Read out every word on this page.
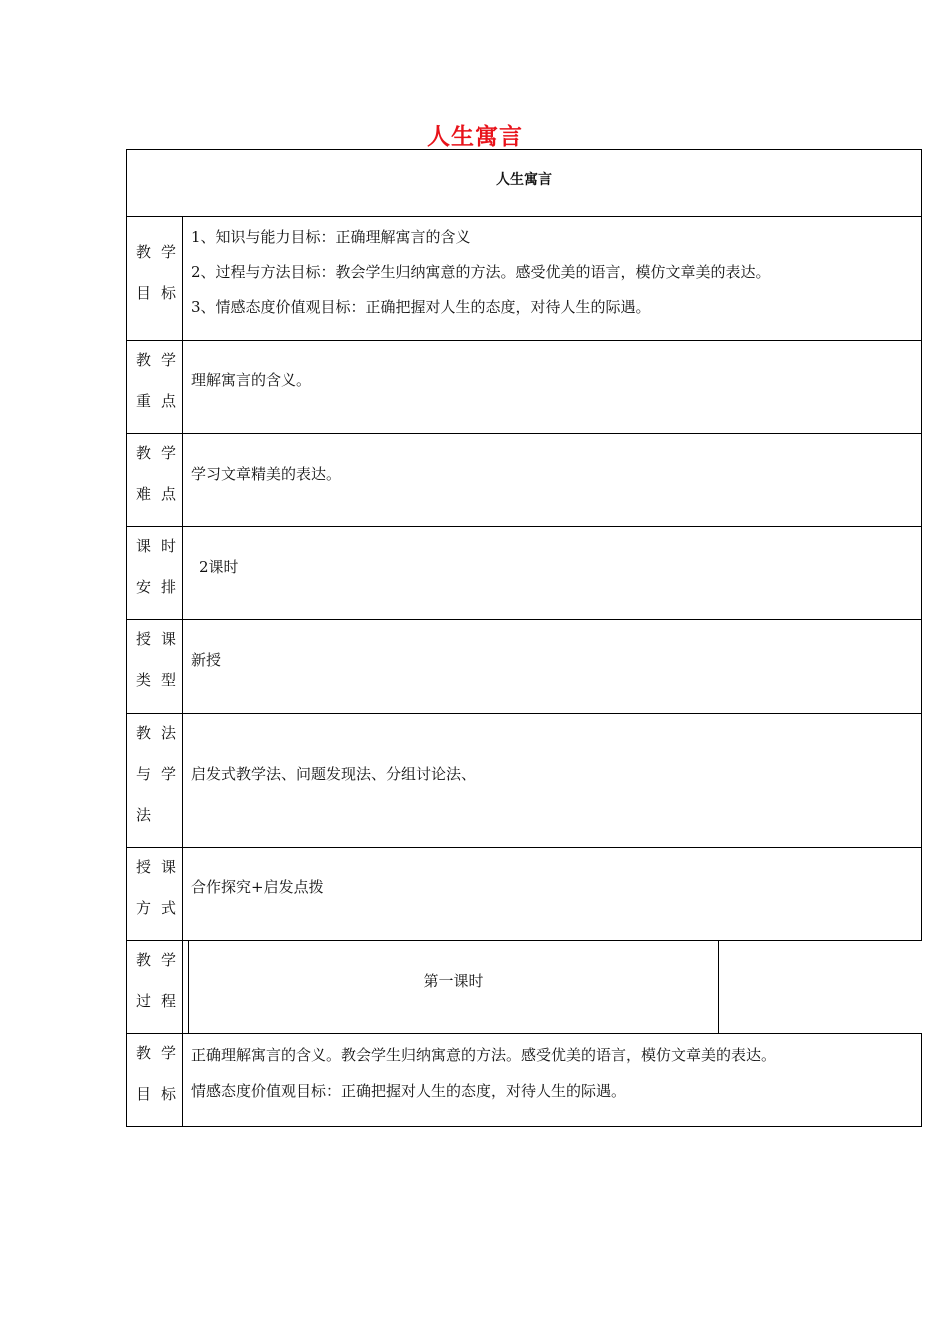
人生寓言
人生寓言
教学
目标
1、知识与能力目标：正确理解寓言的含义
2、过程与方法目标：教会学生归纳寓意的方法。感受优美的语言，模仿文章美的表达。
3、情感态度价值观目标：正确把握对人生的态度，对待人生的际遇。
教学
重点
理解寓言的含义。
教学
难点
学习文章精美的表达。
课时
安排
2课时
授课
类型
新授
教法
与学
法
启发式教学法、问题发现法、分组讨论法、
授课
方式
合作探究+启发点拨
教学
过程
第一课时
教学
目标
正确理解寓言的含义。教会学生归纳寓意的方法。感受优美的语言，模仿文章美的表达。
情感态度价值观目标：正确把握对人生的态度，对待人生的际遇。
